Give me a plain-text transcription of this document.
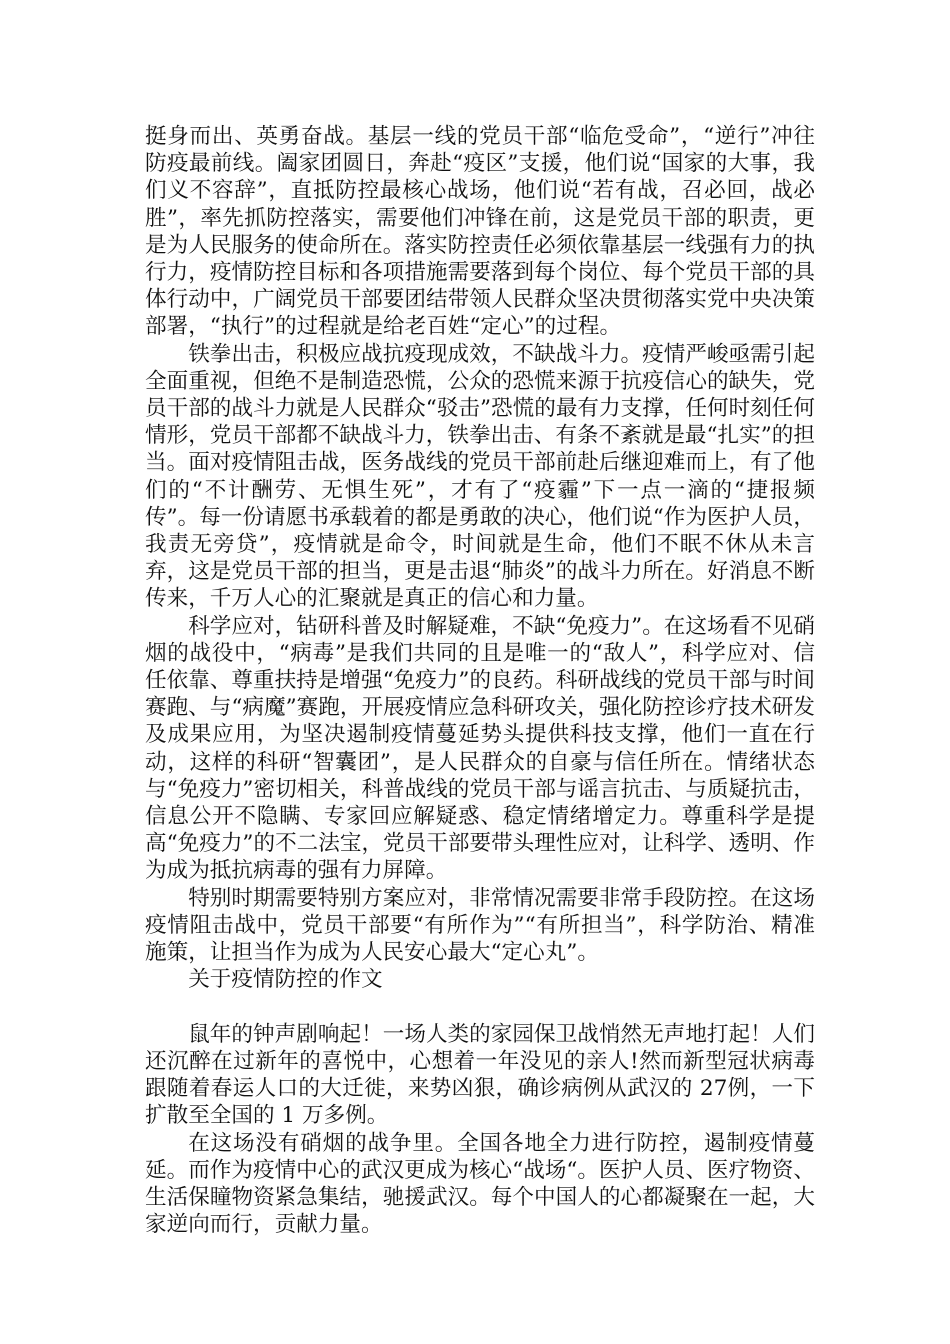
挺身而出、英勇奋战。基层一线的党员干部“临危受命”，“逆行”冲往防疫最前线。阖家团圆日，奔赴“疫区”支援，他们说“国家的大事，我们义不容辞”，直抵防控最核心战场，他们说“若有战，召必回，战必胜”，率先抓防控落实，需要他们冲锋在前，这是党员干部的职责，更是为人民服务的使命所在。落实防控责任必须依靠基层一线强有力的执行力，疫情防控目标和各项措施需要落到每个岗位、每个党员干部的具体行动中，广阔党员干部要团结带领人民群众坚决贯彻落实党中央决策部署，“执行”的过程就是给老百姓“定心”的过程。

铁拳出击，积极应战抗疫现成效，不缺战斗力。疫情严峻亟需引起全面重视，但绝不是制造恐慌，公众的恐慌来源于抗疫信心的缺失，党员干部的战斗力就是人民群众“驳击”恐慌的最有力支撑，任何时刻任何情形，党员干部都不缺战斗力，铁拳出击、有条不紊就是最“扎实”的担当。面对疫情阻击战，医务战线的党员干部前赴后继迎难而上，有了他们的“不计酬劳、无惧生死”，才有了“疫霾”下一点一滴的“捷报频传”。每一份请愿书承载着的都是勇敢的决心，他们说“作为医护人员，我责无旁贷”，疫情就是命令，时间就是生命，他们不眠不休从未言弃，这是党员干部的担当，更是击退“肺炎”的战斗力所在。好消息不断传来，千万人心的汇聚就是真正的信心和力量。

科学应对，钻研科普及时解疑难，不缺“免疫力”。在这场看不见硝烟的战役中，“病毒”是我们共同的且是唯一的“敌人”，科学应对、信任依靠、尊重扶持是增强“免疫力”的良药。科研战线的党员干部与时间赛跑、与“病魔”赛跑，开展疫情应急科研攻关，强化防控诊疗技术研发及成果应用，为坚决遏制疫情蔓延势头提供科技支撑，他们一直在行动，这样的科研“智囊团”，是人民群众的自豪与信任所在。情绪状态与“免疫力”密切相关，科普战线的党员干部与谣言抗击、与质疑抗击，信息公开不隐瞒、专家回应解疑惑、稳定情绪增定力。尊重科学是提高“免疫力”的不二法宝，党员干部要带头理性应对，让科学、透明、作为成为抵抗病毒的强有力屏障。

特别时期需要特别方案应对，非常情况需要非常手段防控。在这场疫情阻击战中，党员干部要“有所作为”“有所担当”，科学防治、精准施策，让担当作为成为人民安心最大“定心丸”。

关于疫情防控的作文

鼠年的钟声剧响起！一场人类的家园保卫战悄然无声地打起！人们还沉醉在过新年的喜悦中，心想着一年没见的亲人!然而新型冠状病毒跟随着春运人口的大迁徙，来势凶狠，确诊病例从武汉的 27例，一下扩散至全国的 1 万多例。

在这场没有硝烟的战争里。全国各地全力进行防控，遏制疫情蔓延。而作为疫情中心的武汉更成为核心“战场“。医护人员、医疗物资、生活保瞳物资紧急集结，驰援武汉。每个中国人的心都凝聚在一起，大家逆向而行，贡献力量。
